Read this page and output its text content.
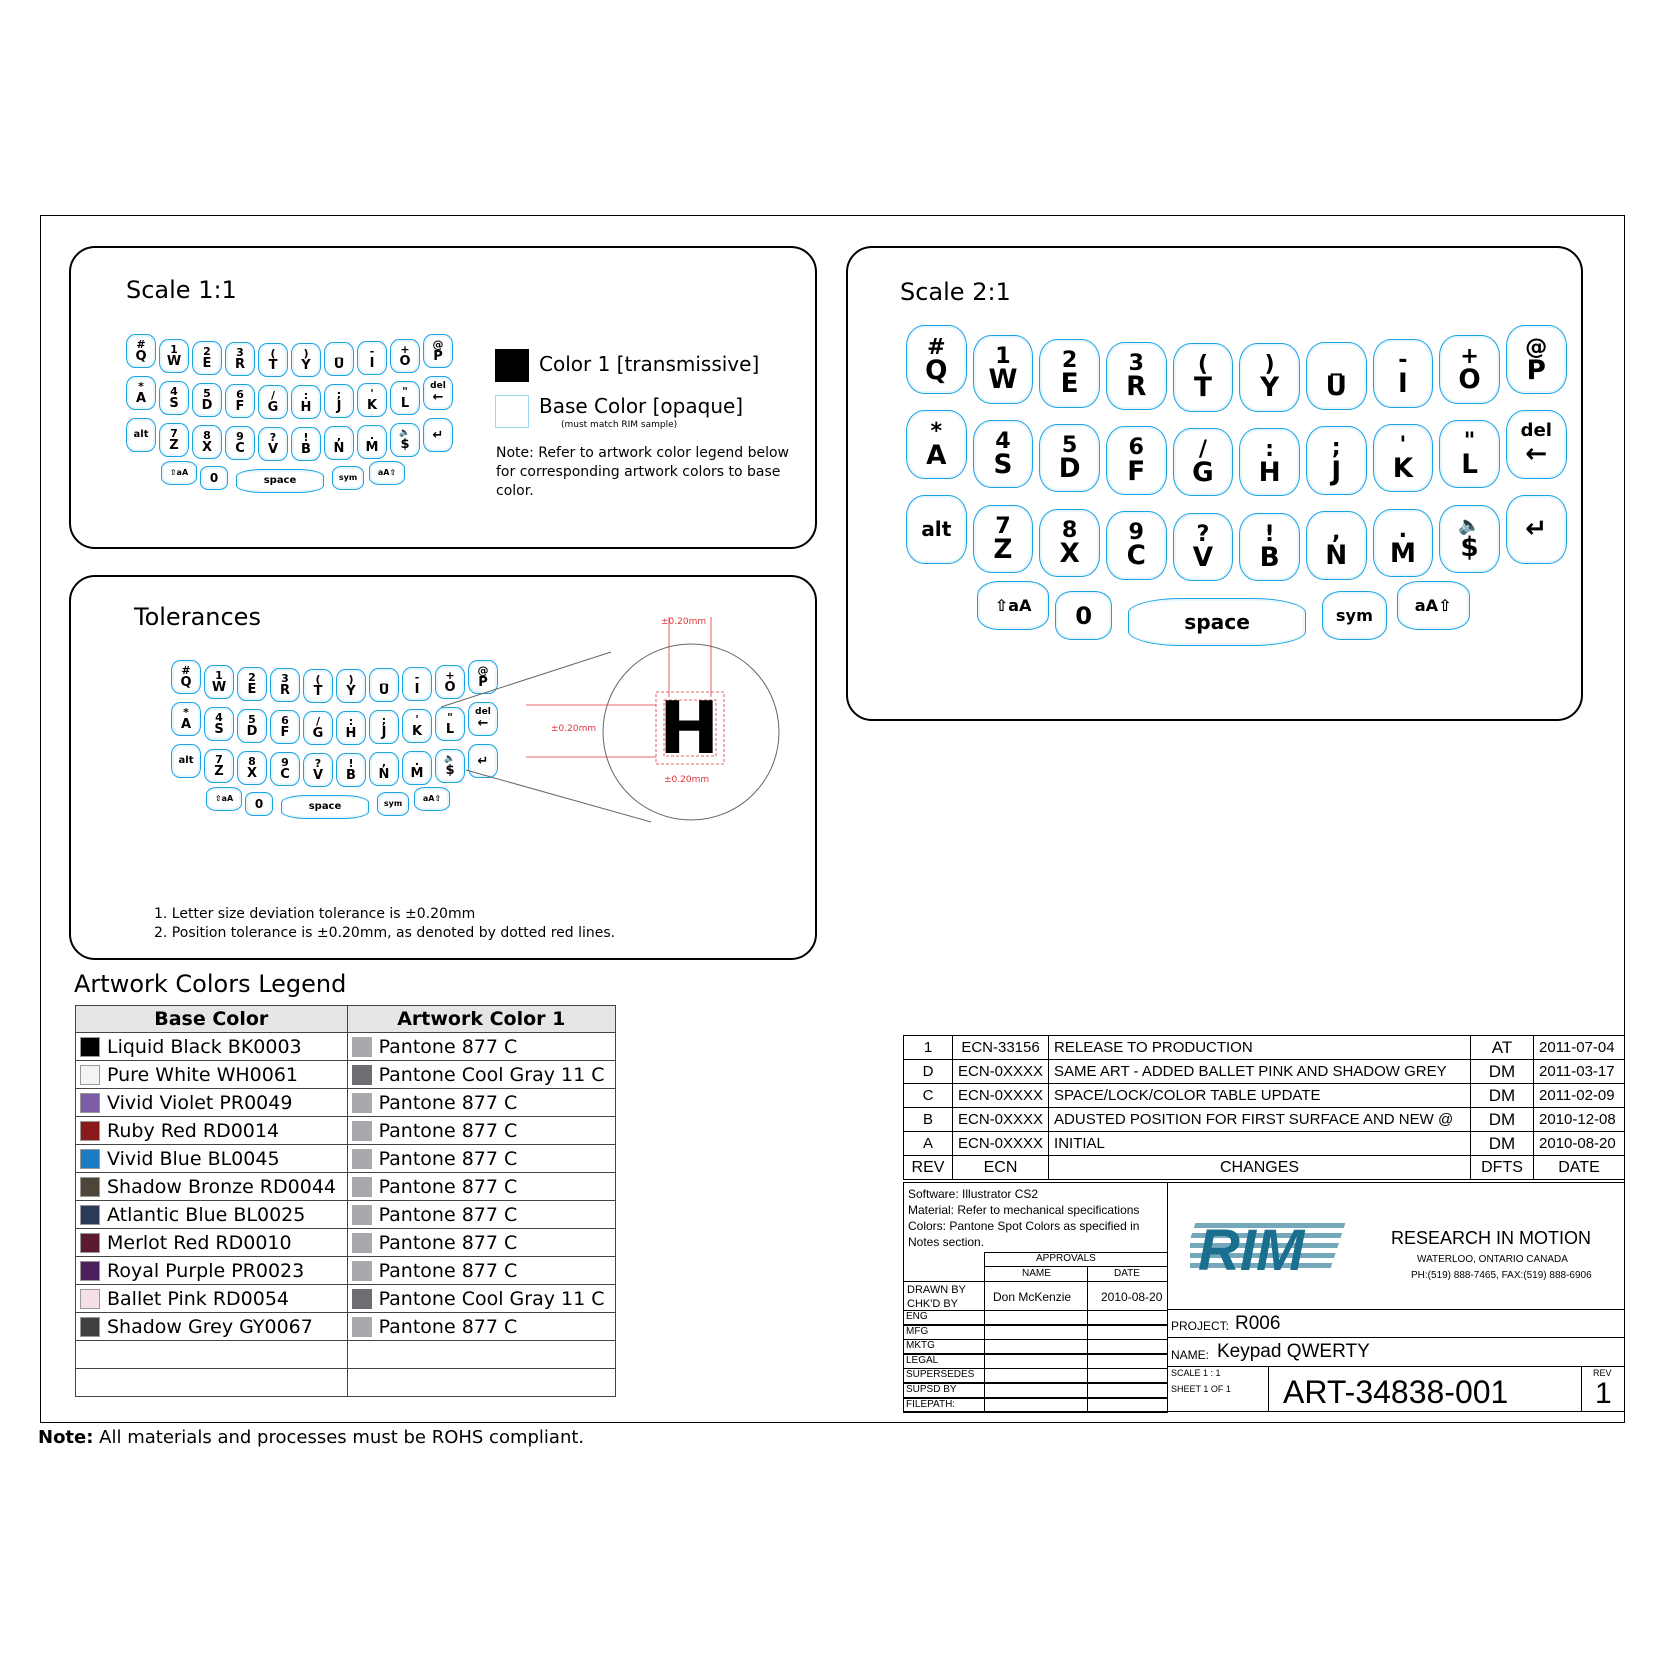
Scale 1:1
#
Q 1
W
2
E
3
R
(
T
)
Y
_
U
-
I
+
O
@
P
*
A 4
S
5
D
6
F
/
G
:
H
;
J
'
K
"
L
del
←
alt 7
Z
8
X
9
C
?
V
!
B
,
N
.
M
🔈
$
↵
⇧aA	0	space	sym
aA⇧
Color 1 [transmissive]
Base Color [opaque]
(must match RIM sample)
Note: Refer to artwork color legend below for corresponding artwork colors to base color.
Tolerances
#
Q 1
W
2
E
3
R
(
T
)
Y
_
U
-
I
+
O
@
P
*
A 4
S
5
D
6
F
/
G
:
H
;
J
'
K
"
L
del
←
alt 7
Z
8
X
9
C
?
V
!
B
,
N
.
M
🔈
$
↵
⇧aA	0	space	sym
aA⇧
H
±0.20mm
±0.20mm
±0.20mm
1. Letter size deviation tolerance is ±0.20mm
2. Position tolerance is ±0.20mm, as denoted by dotted red lines.
Scale 2:1
#
Q 1
W
2
E
3
R
(
T
)
Y
_
U
-
I
+
O
@
P
*
A 4
S
5
D
6
F
/
G
:
H
;
J
'
K
"
L
del
←
alt 7
Z
8
X
9
C
?
V
!
B
,
N
.
M
🔈
$
↵
⇧aA	0	space	sym
aA⇧
Artwork Colors Legend
Base Color	Artwork Color 1
Liquid Black BK0003	Pantone 877 C
Pure White WH0061	Pantone Cool Gray 11 C
Vivid Violet PR0049	Pantone 877 C
Ruby Red RD0014	Pantone 877 C
Vivid Blue BL0045	Pantone 877 C
Shadow Bronze RD0044	Pantone 877 C
Atlantic Blue BL0025	Pantone 877 C
Merlot Red RD0010	Pantone 877 C
Royal Purple PR0023	Pantone 877 C
Ballet Pink RD0054	Pantone Cool Gray 11 C
Shadow Grey GY0067	Pantone 877 C

Note: All materials and processes must be ROHS compliant.
1	ECN-33156	RELEASE TO PRODUCTION	AT	2011-07-04
D	ECN-0XXXX	SAME ART - ADDED BALLET PINK AND SHADOW GREY	DM	2011-03-17
C	ECN-0XXXX	SPACE/LOCK/COLOR TABLE UPDATE	DM	2011-02-09
B	ECN-0XXXX	ADUSTED POSITION FOR FIRST SURFACE AND NEW @	DM	2010-12-08
A	ECN-0XXXX	INITIAL	DM	2010-08-20
REV	ECN	CHANGES	DFTS	DATE
Software: Illustrator CS2
Material: Refer to mechanical specifications
Colors: Pantone Spot Colors as specified in
Notes section.
APPROVALS
NAME	DATE
DRAWN BY
CHK'D BY	Don McKenzie 2010-08-20
ENG
MFG
MKTG
LEGAL
SUPERSEDES
SUPSD BY
FILEPATH:
RIM	RESEARCH IN MOTION
WATERLOO, ONTARIO CANADA
PH:(519) 888-7465, FAX:(519) 888-6906
PROJECT: R006
NAME: Keypad QWERTY
SCALE 1 : 1
SHEET 1 OF 1 ART-34838-001
REV
1
